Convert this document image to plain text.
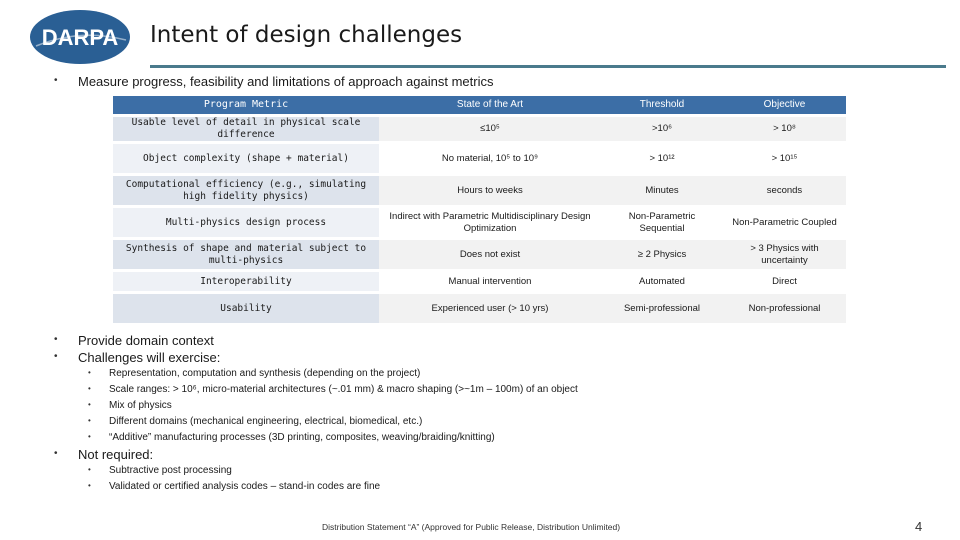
DARPA Intent of design challenges
• Measure progress, feasibility and limitations of approach against metrics
Program Metric	State of the Art	Threshold	Objective
Usable level of detail in physical scale difference	≤10⁵	>10⁶	> 10⁸
Object complexity (shape + material)	No material, 10⁵ to 10⁹	> 10¹²	> 10¹⁵
Computational efficiency (e.g., simulating high fidelity physics)	Hours to weeks	Minutes	seconds
Multi-physics design process	Indirect with Parametric Multidisciplinary Design Optimization	Non-Parametric Sequential	Non-Parametric Coupled
Synthesis of shape and material subject to multi-physics	Does not exist	≥ 2 Physics	> 3 Physics with uncertainty
Interoperability	Manual intervention	Automated	Direct
Usability	Experienced user (> 10 yrs)	Semi-professional	Non-professional
• Provide domain context
• Challenges will exercise:
• Representation, computation and synthesis (depending on the project)
• Scale ranges: > 10⁶, micro-material architectures (~.01 mm) & macro shaping (>~1m – 100m) of an object
• Mix of physics
• Different domains (mechanical engineering, electrical, biomedical, etc.)
• “Additive” manufacturing processes (3D printing, composites, weaving/braiding/knitting)
• Not required:
• Subtractive post processing
• Validated or certified analysis codes – stand-in codes are fine
Distribution Statement “A” (Approved for Public Release, Distribution Unlimited)	4
